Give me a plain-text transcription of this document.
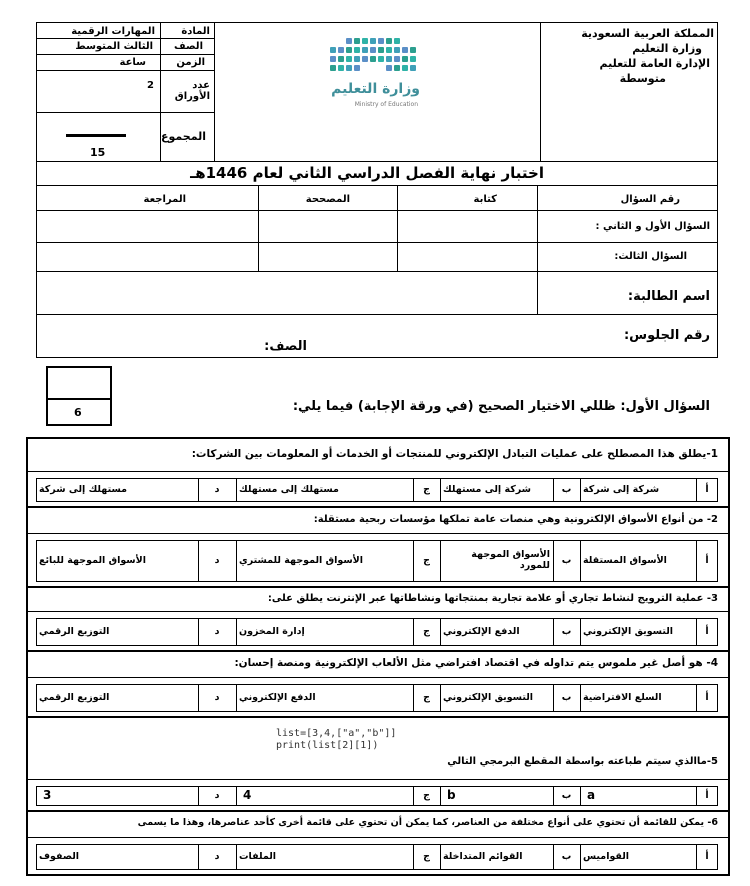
المملكة العربية السعودية
وزارة التعليم
الإدارة العامة للتعليم
متوسطة
وزارة التعليم
Ministry of Education
المادة
المهارات الرقمية
الصف
الثالث المتوسط
الزمن
ساعة
عدد الأوراق
2
المجموع
15
اختبار نهاية الفصل الدراسي الثاني لعام 1446هـ
رقم السؤال
كتابة
المصححة
المراجعة
السؤال الأول و الثاني :
السؤال الثالث:
اسم الطالبة:
رقم الجلوس:
الصف:
6	السؤال الأول: ظللي الاختيار الصحيح (في ورقة الإجابة) فيما يلي:
1-يطلق هذا المصطلح على عمليات التبادل الإلكتروني للمنتجات أو الخدمات أو المعلومات بين الشركات:
أ
شركة إلى شركة
ب
شركة إلى مستهلك
ج
مستهلك إلى مستهلك
د
مستهلك إلى شركة
2- من أنواع الأسواق الإلكترونية وهي منصات عامة تملكها مؤسسات ربحية مستقلة:
أ
الأسواق المستقلة
ب
الأسواق الموجهة للمورد
ج
الأسواق الموجهة للمشتري
د
الأسواق الموجهة للبائع
3- عملية الترويج لنشاط تجاري أو علامة تجارية بمنتجاتها ونشاطاتها عبر الإنترنت يطلق على:
أ
التسويق الإلكتروني
ب
الدفع الإلكتروني
ج
إدارة المخزون
د
التوزيع الرقمي
4- هو أصل غير ملموس يتم تداوله في اقتصاد افتراضي مثل الألعاب الإلكترونية ومنصة إحسان:
أ
السلع الافتراضية
ب
التسويق الإلكتروني
ج
الدفع الإلكتروني
د
التوزيع الرقمي
5-ماالذي سيتم طباعته بواسطة المقطع البرمجي التالي
list=[3,4,["a","b"]]
print(list[2][1])
أ
a
ب
b
ج
4
د
3
6- يمكن للقائمة أن تحتوي على أنواع مختلفة من العناصر، كما يمكن أن تحتوي على قائمة أخرى كأحد عناصرها، وهذا ما يسمى
أ
القواميس
ب
القوائم المتداخلة
ج
الملفات
د
الصفوف
